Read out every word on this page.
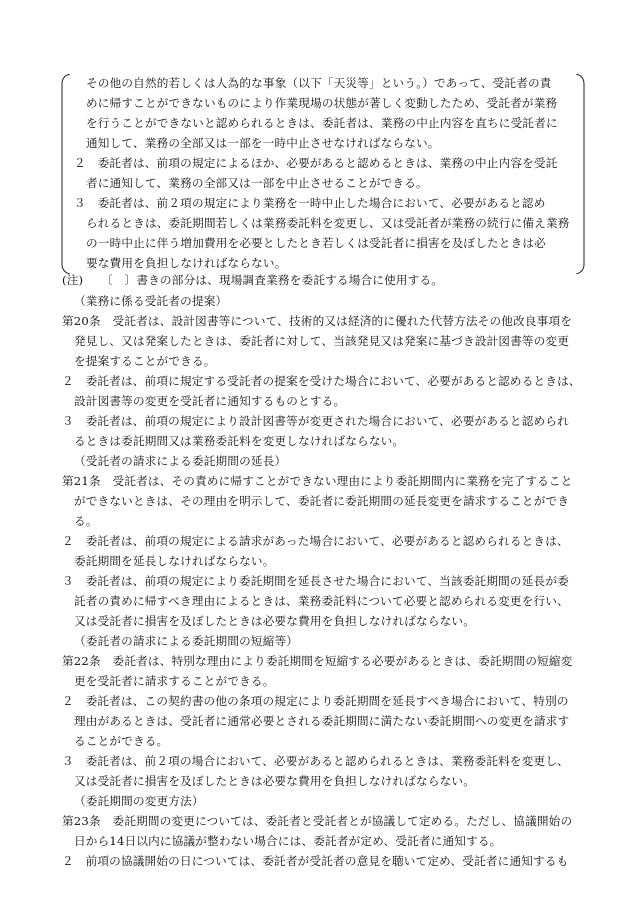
その他の自然的若しくは人為的な事象（以下「天災等」という。）であって、受託者の責
めに帰すことができないものにより作業現場の状態が著しく変動したため、受託者が業務
を行うことができないと認められるときは、委託者は、業務の中止内容を直ちに受託者に
通知して、業務の全部又は一部を一時中止させなければならない。
２　委託者は、前項の規定によるほか、必要があると認めるときは、業務の中止内容を受託
者に通知して、業務の全部又は一部を中止させることができる。
３　委託者は、前２項の規定により業務を一時中止した場合において、必要があると認め
られるときは、委託期間若しくは業務委託料を変更し、又は受託者が業務の続行に備え業務
の一時中止に伴う増加費用を必要としたとき若しくは受託者に損害を及ぼしたときは必
要な費用を負担しなければならない。
(注)　　〔　〕書きの部分は、現場調査業務を委託する場合に使用する。
（業務に係る受託者の提案）
第20条　受託者は、設計図書等について、技術的又は経済的に優れた代替方法その他改良事項を
発見し、又は発案したときは、委託者に対して、当該発見又は発案に基づき設計図書等の変更
を提案することができる。
２　委託者は、前項に規定する受託者の提案を受けた場合において、必要があると認めるときは、
設計図書等の変更を受託者に通知するものとする。
３　委託者は、前項の規定により設計図書等が変更された場合において、必要があると認められ
るときは委託期間又は業務委託料を変更しなければならない。
（受託者の請求による委託期間の延長）
第21条　受託者は、その責めに帰すことができない理由により委託期間内に業務を完了すること
ができないときは、その理由を明示して、委託者に委託期間の延長変更を請求することができ
る。
２　委託者は、前項の規定による請求があった場合において、必要があると認められるときは、
委託期間を延長しなければならない。
３　委託者は、前項の規定により委託期間を延長させた場合において、当該委託期間の延長が委
託者の責めに帰すべき理由によるときは、業務委託料について必要と認められる変更を行い、
又は受託者に損害を及ぼしたときは必要な費用を負担しなければならない。
（委託者の請求による委託期間の短縮等）
第22条　委託者は、特別な理由により委託期間を短縮する必要があるときは、委託期間の短縮変
更を受託者に請求することができる。
２　委託者は、この契約書の他の条項の規定により委託期間を延長すべき場合において、特別の
理由があるときは、受託者に通常必要とされる委託期間に満たない委託期間への変更を請求す
ることができる。
３　委託者は、前２項の場合において、必要があると認められるときは、業務委託料を変更し、
又は受託者に損害を及ぼしたときは必要な費用を負担しなければならない。
（委託期間の変更方法）
第23条　委託期間の変更については、委託者と受託者とが協議して定める。ただし、協議開始の
日から14日以内に協議が整わない場合には、委託者が定め、受託者に通知する。
２　前項の協議開始の日については、委託者が受託者の意見を聴いて定め、受託者に通知するも
